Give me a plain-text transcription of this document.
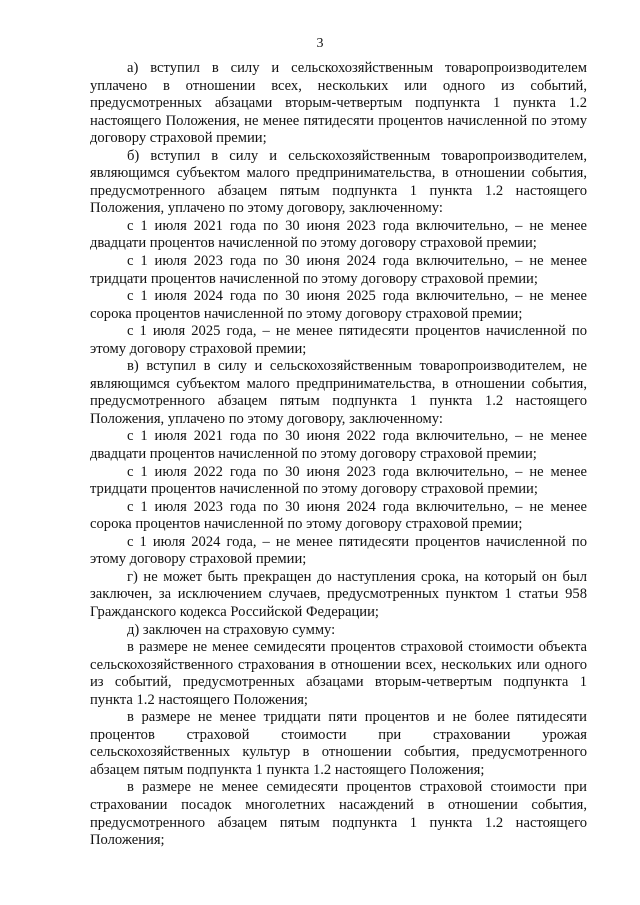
3

а) вступил в силу и сельскохозяйственным товаропроизводителем уплачено в отношении всех, нескольких или одного из событий, предусмотренных абзацами вторым-четвертым подпункта 1 пункта 1.2 настоящего Положения, не менее пятидесяти процентов начисленной по этому договору страховой премии;

б) вступил в силу и сельскохозяйственным товаропроизводителем, являющимся субъектом малого предпринимательства, в отношении события, предусмотренного абзацем пятым подпункта 1 пункта 1.2 настоящего Положения, уплачено по этому договору, заключенному:

с 1 июля 2021 года по 30 июня 2023 года включительно, – не менее двадцати процентов начисленной по этому договору страховой премии;

с 1 июля 2023 года по 30 июня 2024 года включительно, – не менее тридцати процентов начисленной по этому договору страховой премии;

с 1 июля 2024 года по 30 июня 2025 года включительно, – не менее сорока процентов начисленной по этому договору страховой премии;

с 1 июля 2025 года, – не менее пятидесяти процентов начисленной по этому договору страховой премии;

в) вступил в силу и сельскохозяйственным товаропроизводителем, не являющимся субъектом малого предпринимательства, в отношении события, предусмотренного абзацем пятым подпункта 1 пункта 1.2 настоящего Положения, уплачено по этому договору, заключенному:

с 1 июля 2021 года по 30 июня 2022 года включительно, – не менее двадцати процентов начисленной по этому договору страховой премии;

с 1 июля 2022 года по 30 июня 2023 года включительно, – не менее тридцати процентов начисленной по этому договору страховой премии;

с 1 июля 2023 года по 30 июня 2024 года включительно, – не менее сорока процентов начисленной по этому договору страховой премии;

с 1 июля 2024 года, – не менее пятидесяти процентов начисленной по этому договору страховой премии;

г) не может быть прекращен до наступления срока, на который он был заключен, за исключением случаев, предусмотренных пунктом 1 статьи 958 Гражданского кодекса Российской Федерации;

д) заключен на страховую сумму:

в размере не менее семидесяти процентов страховой стоимости объекта сельскохозяйственного страхования в отношении всех, нескольких или одного из событий, предусмотренных абзацами вторым-четвертым подпункта 1 пункта 1.2 настоящего Положения;

в размере не менее тридцати пяти процентов и не более пятидесяти процентов страховой стоимости при страховании урожая сельскохозяйственных культур в отношении события, предусмотренного абзацем пятым подпункта 1 пункта 1.2 настоящего Положения;

в размере не менее семидесяти процентов страховой стоимости при страховании посадок многолетних насаждений в отношении события, предусмотренного абзацем пятым подпункта 1 пункта 1.2 настоящего Положения;
